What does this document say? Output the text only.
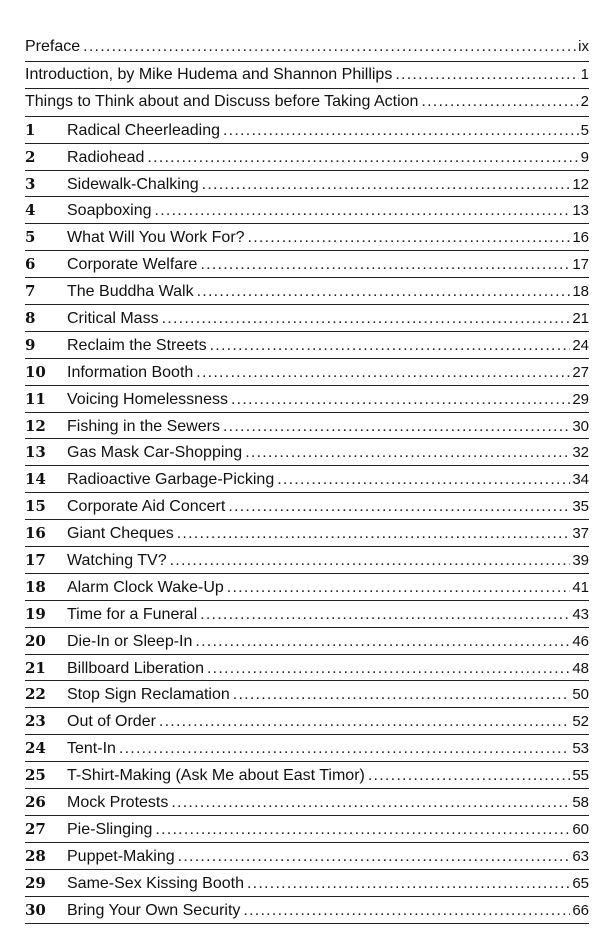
Preface . . .	ix
Introduction, by Mike Hudema and Shannon Phillips . . .	1
Things to Think about and Discuss before Taking Action . . .	2
1	Radical Cheerleading . . .	5
2	Radiohead . . .	9
3	Sidewalk-Chalking . . .	12
4	Soapboxing . . .	13
5	What Will You Work For? . . .	16
6	Corporate Welfare . . .	17
7	The Buddha Walk . . .	18
8	Critical Mass . . .	21
9	Reclaim the Streets . . .	24
10	Information Booth . . .	27
11	Voicing Homelessness . . .	29
12	Fishing in the Sewers . . .	30
13	Gas Mask Car-Shopping . . .	32
14	Radioactive Garbage-Picking . . .	34
15	Corporate Aid Concert . . .	35
16	Giant Cheques . . .	37
17	Watching TV? . . .	39
18	Alarm Clock Wake-Up . . .	41
19	Time for a Funeral . . .	43
20	Die-In or Sleep-In . . .	46
21	Billboard Liberation . . .	48
22	Stop Sign Reclamation . . .	50
23	Out of Order . . .	52
24	Tent-In . . .	53
25	T-Shirt-Making (Ask Me about East Timor) . . .	55
26	Mock Protests . . .	58
27	Pie-Slinging . . .	60
28	Puppet-Making . . .	63
29	Same-Sex Kissing Booth . . .	65
30	Bring Your Own Security . . .	66
